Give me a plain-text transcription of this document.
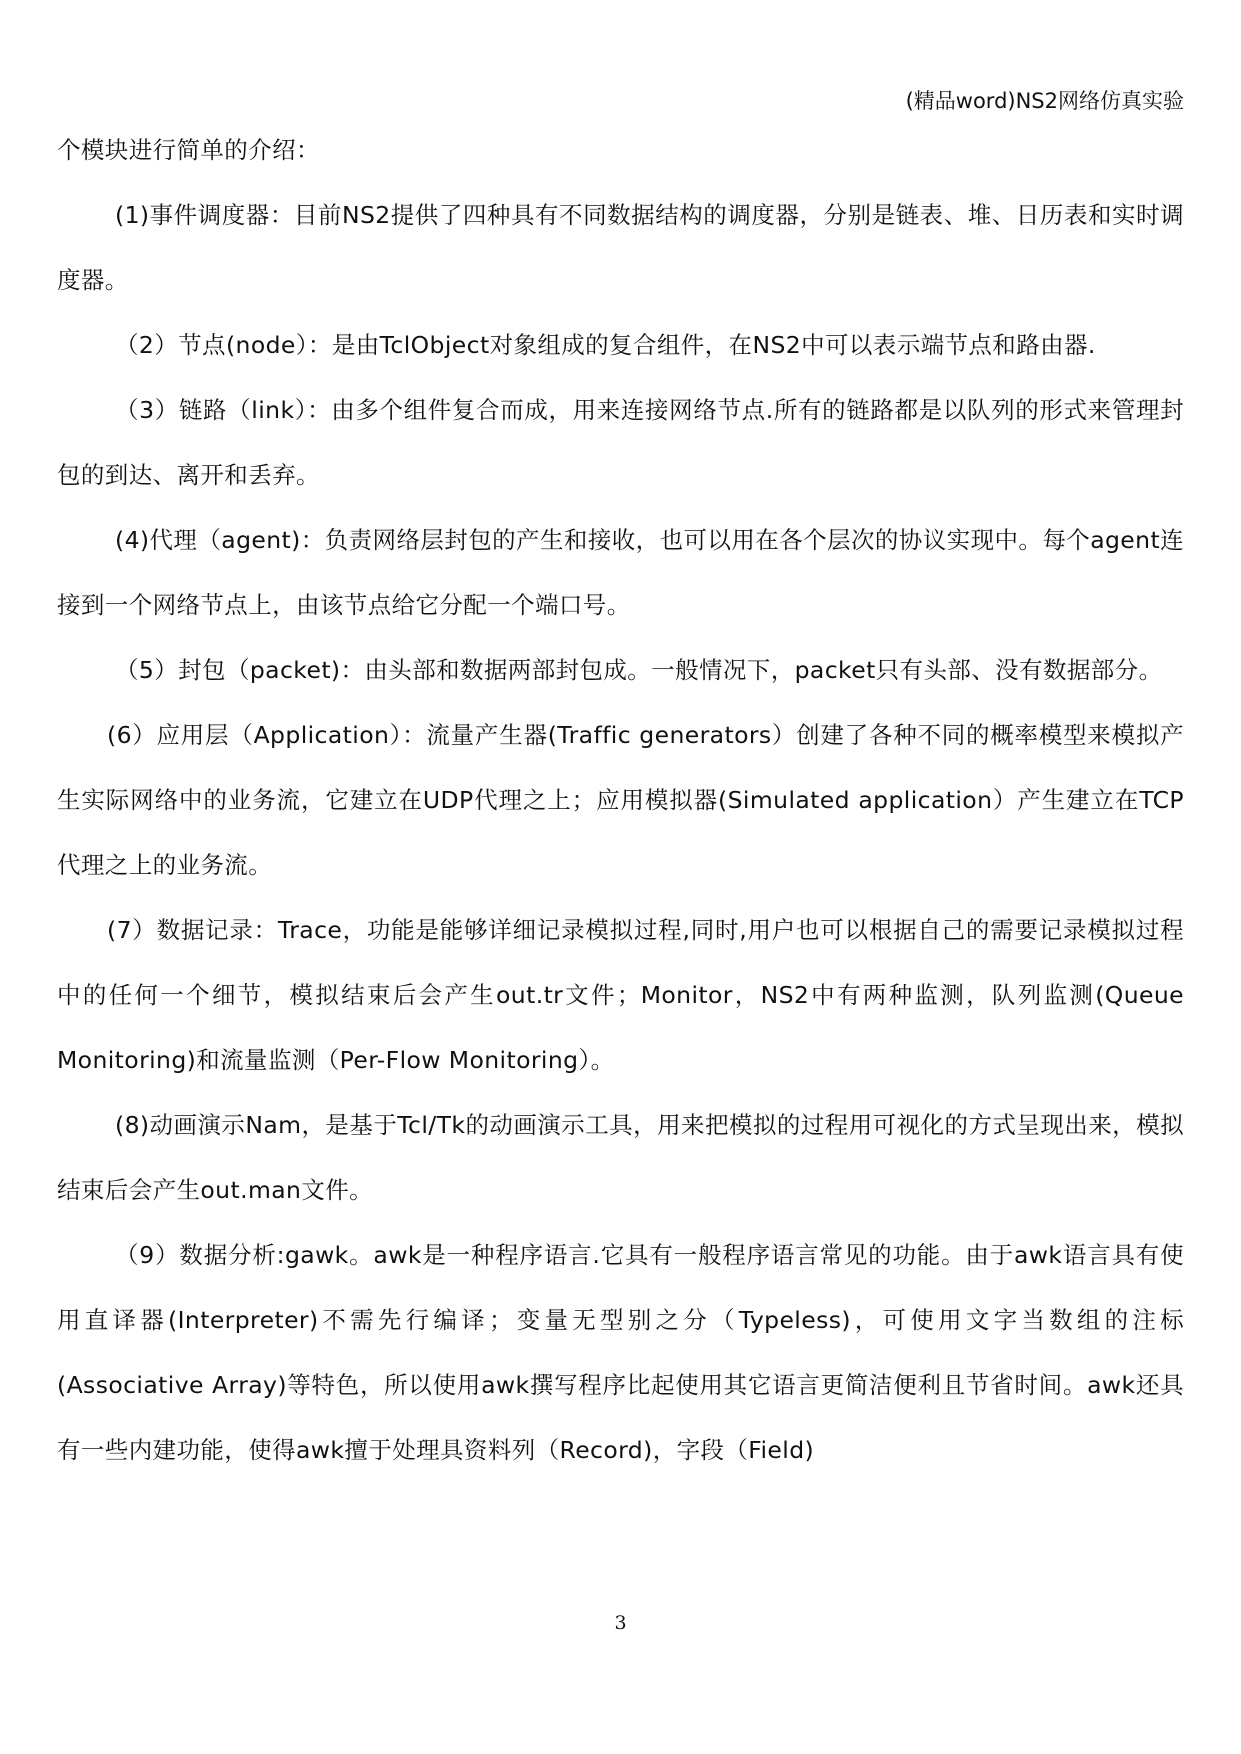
(精品word)NS2网络仿真实验

个模块进行简单的介绍：

(1)事件调度器：目前NS2提供了四种具有不同数据结构的调度器，分别是链表、堆、日历表和实时调度器。

（2）节点(node）：是由TclObject对象组成的复合组件，在NS2中可以表示端节点和路由器.

（3）链路（link）：由多个组件复合而成，用来连接网络节点.所有的链路都是以队列的形式来管理封包的到达、离开和丢弃。

(4)代理（agent)：负责网络层封包的产生和接收，也可以用在各个层次的协议实现中。每个agent连接到一个网络节点上，由该节点给它分配一个端口号。

（5）封包（packet)：由头部和数据两部封包成。一般情况下，packet只有头部、没有数据部分。

(6）应用层（Application）：流量产生器(Traffic generators）创建了各种不同的概率模型来模拟产生实际网络中的业务流，它建立在UDP代理之上；应用模拟器(Simulated application）产生建立在TCP代理之上的业务流。

(7）数据记录：Trace，功能是能够详细记录模拟过程,同时,用户也可以根据自己的需要记录模拟过程中的任何一个细节，模拟结束后会产生out.tr文件；Monitor，NS2中有两种监测，队列监测(Queue Monitoring)和流量监测（Per-Flow Monitoring）。

(8)动画演示Nam，是基于Tcl/Tk的动画演示工具，用来把模拟的过程用可视化的方式呈现出来，模拟结束后会产生out.man文件。

（9）数据分析:gawk。awk是一种程序语言.它具有一般程序语言常见的功能。由于awk语言具有使用直译器(Interpreter)不需先行编译；变量无型别之分（Typeless)，可使用文字当数组的注标(Associative Array)等特色，所以使用awk撰写程序比起使用其它语言更简洁便利且节省时间。awk还具有一些内建功能，使得awk擅于处理具资料列（Record)，字段（Field)

3
